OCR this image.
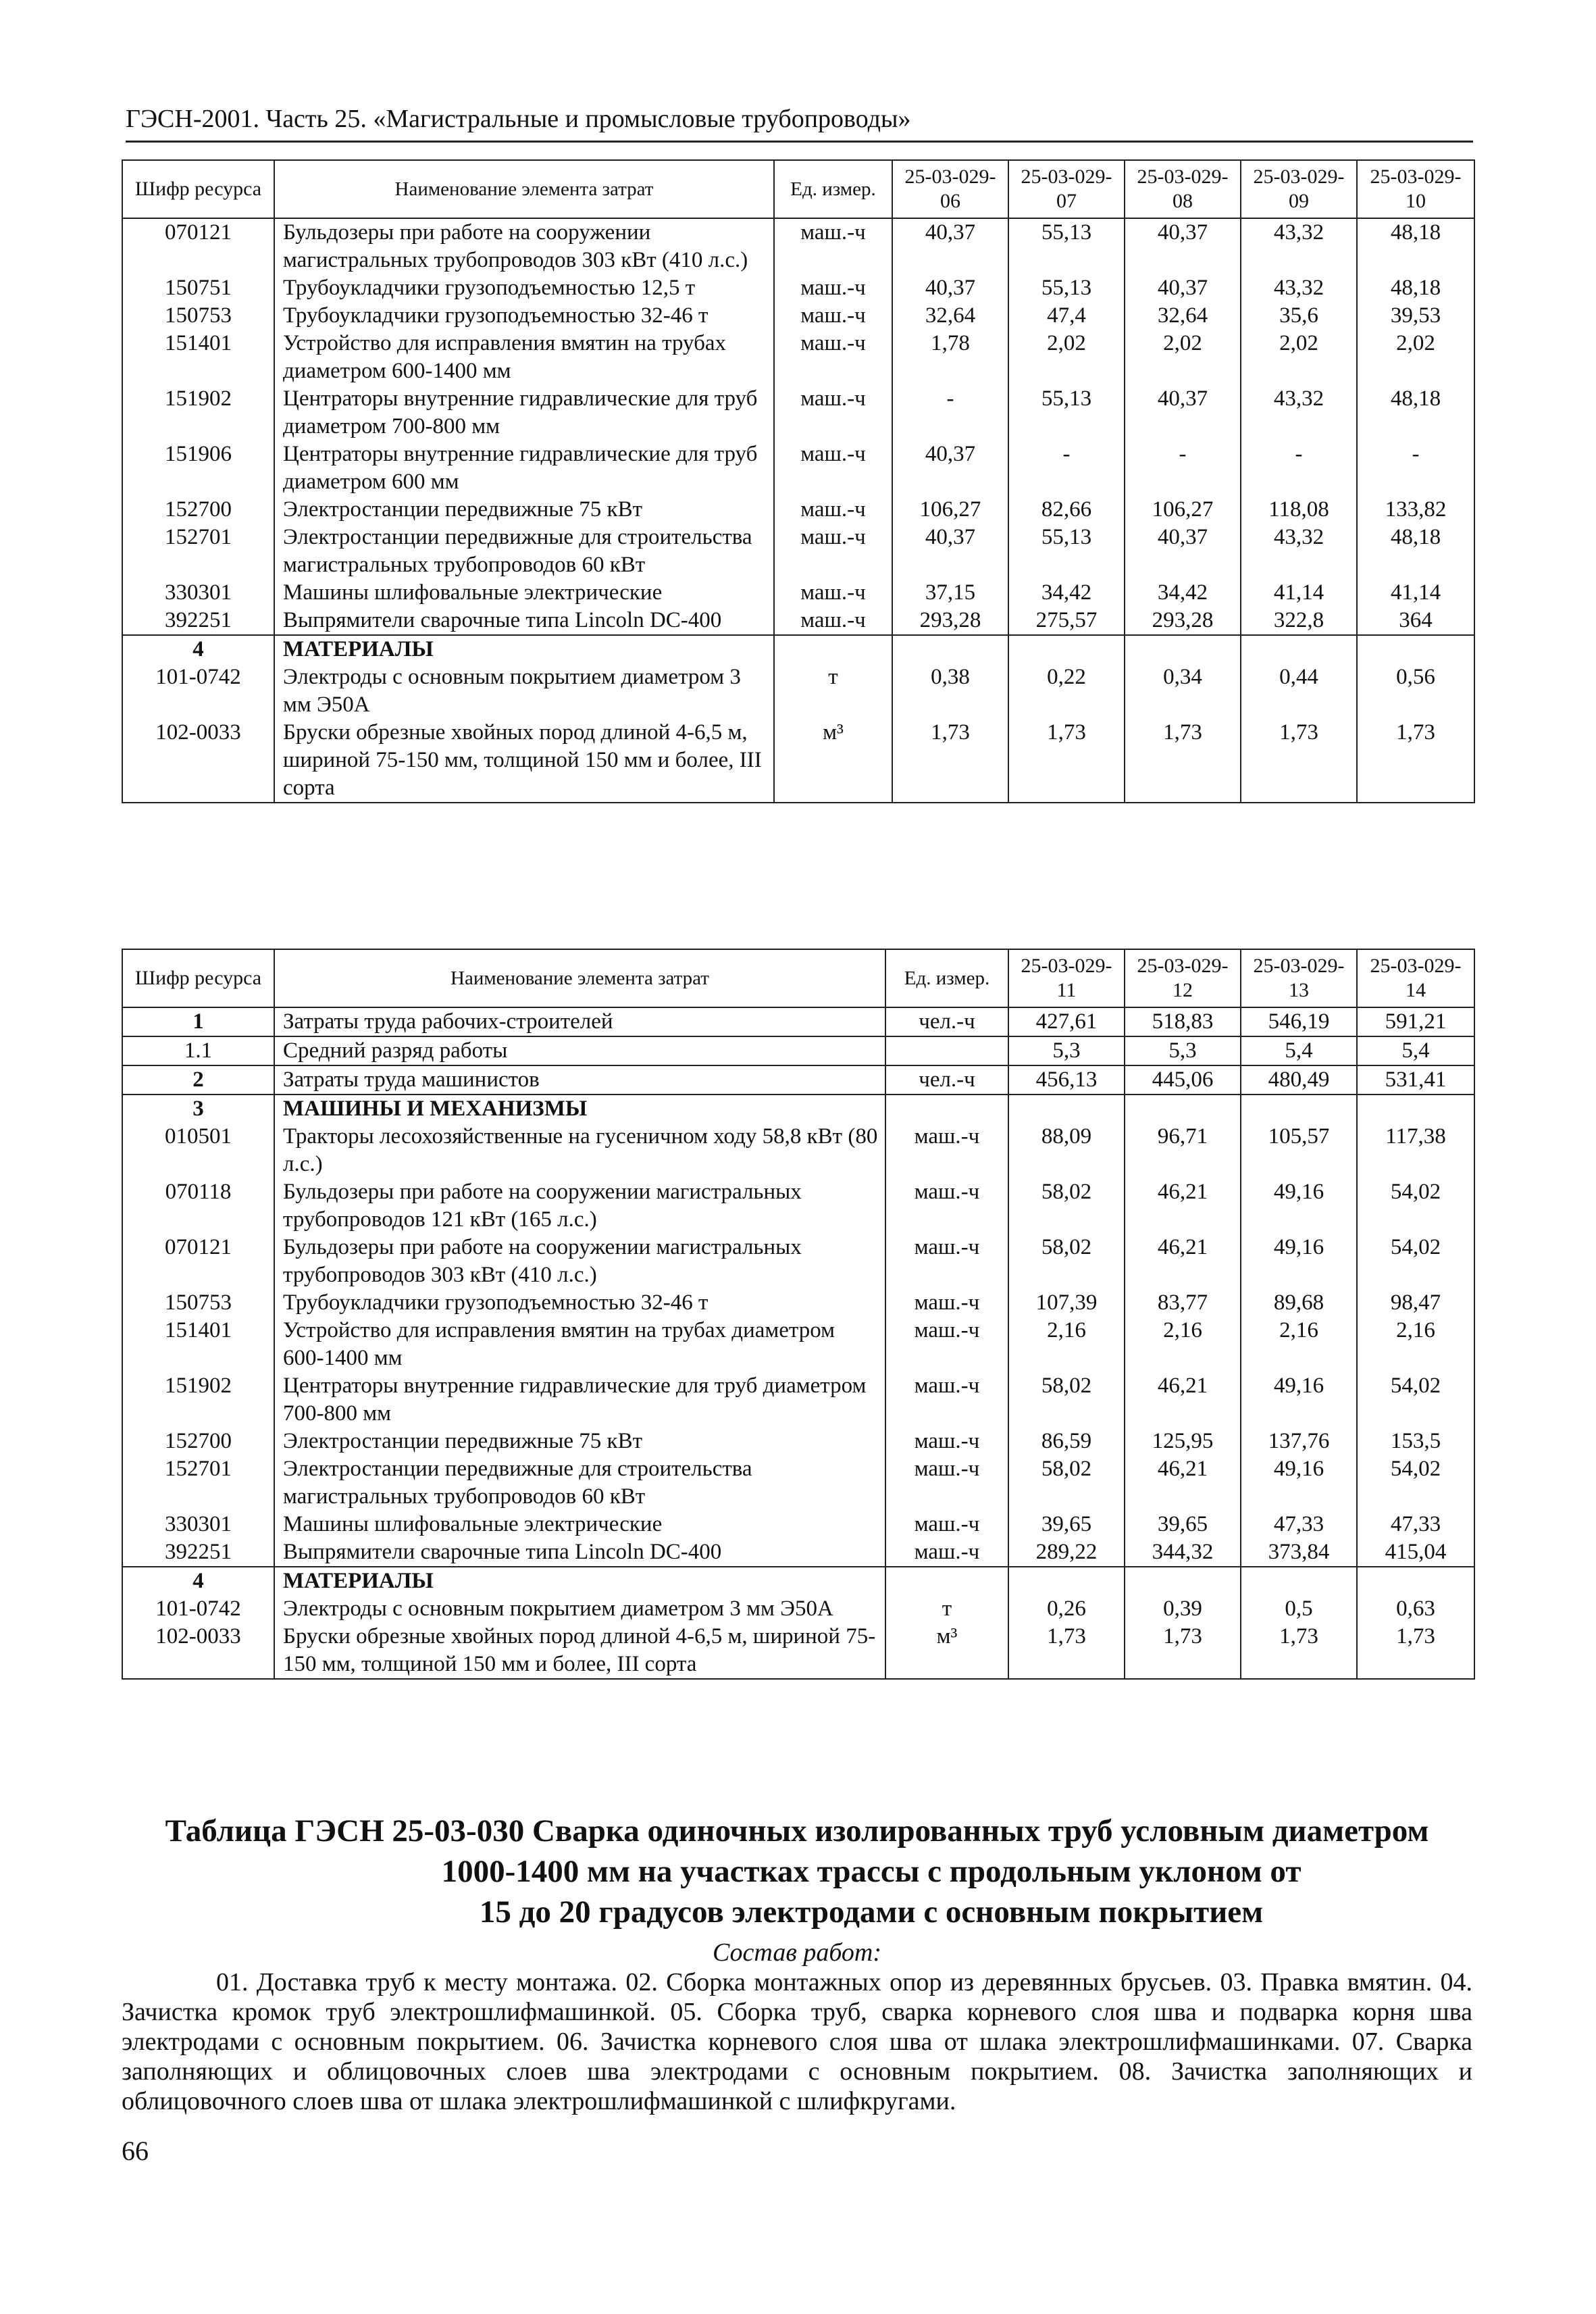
ГЭСН-2001. Часть 25. «Магистральные и промысловые трубопроводы»
Шифр ресурса	Наименование элемента затрат	Ед. измер.	25-03-029-06	25-03-029-07	25-03-029-08	25-03-029-09	25-03-029-10
070121	Бульдозеры при работе на сооружении магистральных трубопроводов 303 кВт (410 л.с.)	маш.-ч	40,37	55,13	40,37	43,32	48,18
150751	Трубоукладчики грузоподъемностью 12,5 т	маш.-ч	40,37	55,13	40,37	43,32	48,18
150753	Трубоукладчики грузоподъемностью 32-46 т	маш.-ч	32,64	47,4	32,64	35,6	39,53
151401	Устройство для исправления вмятин на трубах диаметром 600-1400 мм	маш.-ч	1,78	2,02	2,02	2,02	2,02
151902	Центраторы внутренние гидравлические для труб диаметром 700-800 мм	маш.-ч	-	55,13	40,37	43,32	48,18
151906	Центраторы внутренние гидравлические для труб диаметром 600 мм	маш.-ч	40,37	-	-	-	-
152700	Электростанции передвижные 75 кВт	маш.-ч	106,27	82,66	106,27	118,08	133,82
152701	Электростанции передвижные для строительства магистральных трубопроводов 60 кВт	маш.-ч	40,37	55,13	40,37	43,32	48,18
330301	Машины шлифовальные электрические	маш.-ч	37,15	34,42	34,42	41,14	41,14
392251	Выпрямители сварочные типа Lincoln DC-400	маш.-ч	293,28	275,57	293,28	322,8	364
4	МАТЕРИАЛЫ						
101-0742	Электроды с основным покрытием диаметром 3 мм Э50А	т	0,38	0,22	0,34	0,44	0,56
102-0033	Бруски обрезные хвойных пород длиной 4-6,5 м, шириной 75-150 мм, толщиной 150 мм и более, III сорта	м³	1,73	1,73	1,73	1,73	1,73
Шифр ресурса	Наименование элемента затрат	Ед. измер.	25-03-029-11	25-03-029-12	25-03-029-13	25-03-029-14
1	Затраты труда рабочих-строителей	чел.-ч	427,61	518,83	546,19	591,21
1.1	Средний разряд работы		5,3	5,3	5,4	5,4
2	Затраты труда машинистов	чел.-ч	456,13	445,06	480,49	531,41
3	МАШИНЫ И МЕХАНИЗМЫ					
010501	Тракторы лесохозяйственные на гусеничном ходу 58,8 кВт (80 л.с.)	маш.-ч	88,09	96,71	105,57	117,38
070118	Бульдозеры при работе на сооружении магистральных трубопроводов 121 кВт (165 л.с.)	маш.-ч	58,02	46,21	49,16	54,02
070121	Бульдозеры при работе на сооружении магистральных трубопроводов 303 кВт (410 л.с.)	маш.-ч	58,02	46,21	49,16	54,02
150753	Трубоукладчики грузоподъемностью 32-46 т	маш.-ч	107,39	83,77	89,68	98,47
151401	Устройство для исправления вмятин на трубах диаметром 600-1400 мм	маш.-ч	2,16	2,16	2,16	2,16
151902	Центраторы внутренние гидравлические для труб диаметром 700-800 мм	маш.-ч	58,02	46,21	49,16	54,02
152700	Электростанции передвижные 75 кВт	маш.-ч	86,59	125,95	137,76	153,5
152701	Электростанции передвижные для строительства магистральных трубопроводов 60 кВт	маш.-ч	58,02	46,21	49,16	54,02
330301	Машины шлифовальные электрические	маш.-ч	39,65	39,65	47,33	47,33
392251	Выпрямители сварочные типа Lincoln DC-400	маш.-ч	289,22	344,32	373,84	415,04
4	МАТЕРИАЛЫ					
101-0742	Электроды с основным покрытием диаметром 3 мм Э50А	т	0,26	0,39	0,5	0,63
102-0033	Бруски обрезные хвойных пород длиной 4-6,5 м, шириной 75-150 мм, толщиной 150 мм и более, III сорта	м³	1,73	1,73	1,73	1,73
Таблица ГЭСН 25-03-030 Сварка одиночных изолированных труб условным диаметром
1000-1400 мм на участках трассы с продольным уклоном от
15 до 20 градусов электродами с основным покрытием
Состав работ:
01. Доставка труб к месту монтажа. 02. Сборка монтажных опор из деревянных брусьев. 03. Правка вмятин. 04. Зачистка кромок труб электрошлифмашинкой. 05. Сборка труб, сварка корневого слоя шва и подварка корня шва электродами с основным покрытием. 06. Зачистка корневого слоя шва от шлака электрошлифмашинками. 07. Сварка заполняющих и облицовочных слоев шва электродами с основным покрытием. 08. Зачистка заполняющих и облицовочного слоев шва от шлака электрошлифмашинкой с шлифкругами.
66
